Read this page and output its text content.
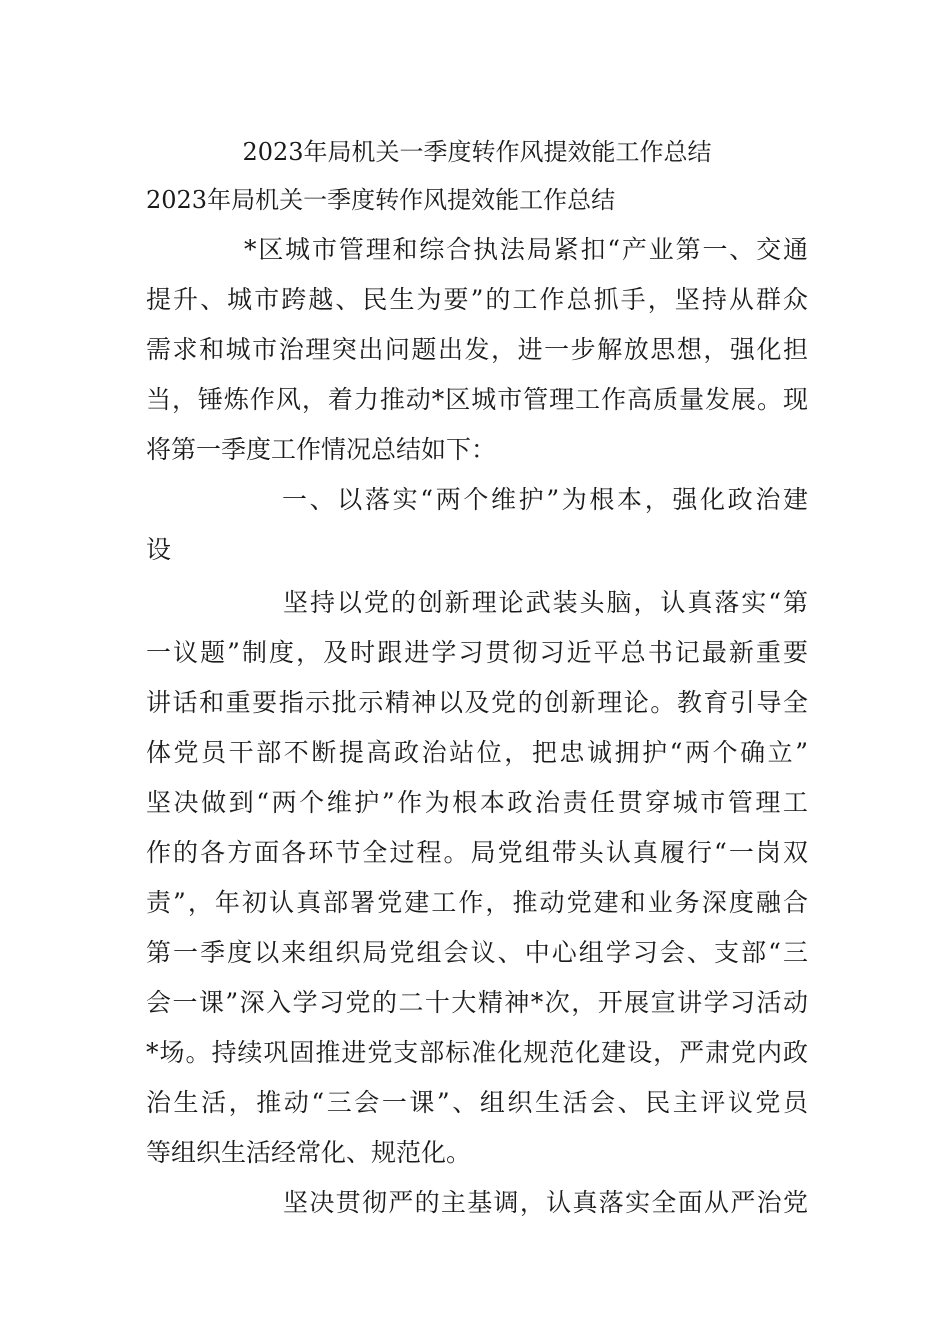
2023年局机关一季度转作风提效能工作总结
2023年局机关一季度转作风提效能工作总结
*区城市管理和综合执法局紧扣“产业第一、交通
提升、城市跨越、民生为要”的工作总抓手，坚持从群众
需求和城市治理突出问题出发，进一步解放思想，强化担
当，锤炼作风，着力推动*区城市管理工作高质量发展。现
将第一季度工作情况总结如下：
一、以落实“两个维护”为根本，强化政治建
设
坚持以党的创新理论武装头脑，认真落实“第
一议题”制度，及时跟进学习贯彻习近平总书记最新重要
讲话和重要指示批示精神以及党的创新理论。教育引导全
体党员干部不断提高政治站位，把忠诚拥护“两个确立”
坚决做到“两个维护”作为根本政治责任贯穿城市管理工
作的各方面各环节全过程。局党组带头认真履行“一岗双
责”，年初认真部署党建工作，推动党建和业务深度融合
第一季度以来组织局党组会议、中心组学习会、支部“三
会一课”深入学习党的二十大精神*次，开展宣讲学习活动
*场。持续巩固推进党支部标准化规范化建设，严肃党内政
治生活，推动“三会一课”、组织生活会、民主评议党员
等组织生活经常化、规范化。
坚决贯彻严的主基调，认真落实全面从严治党
